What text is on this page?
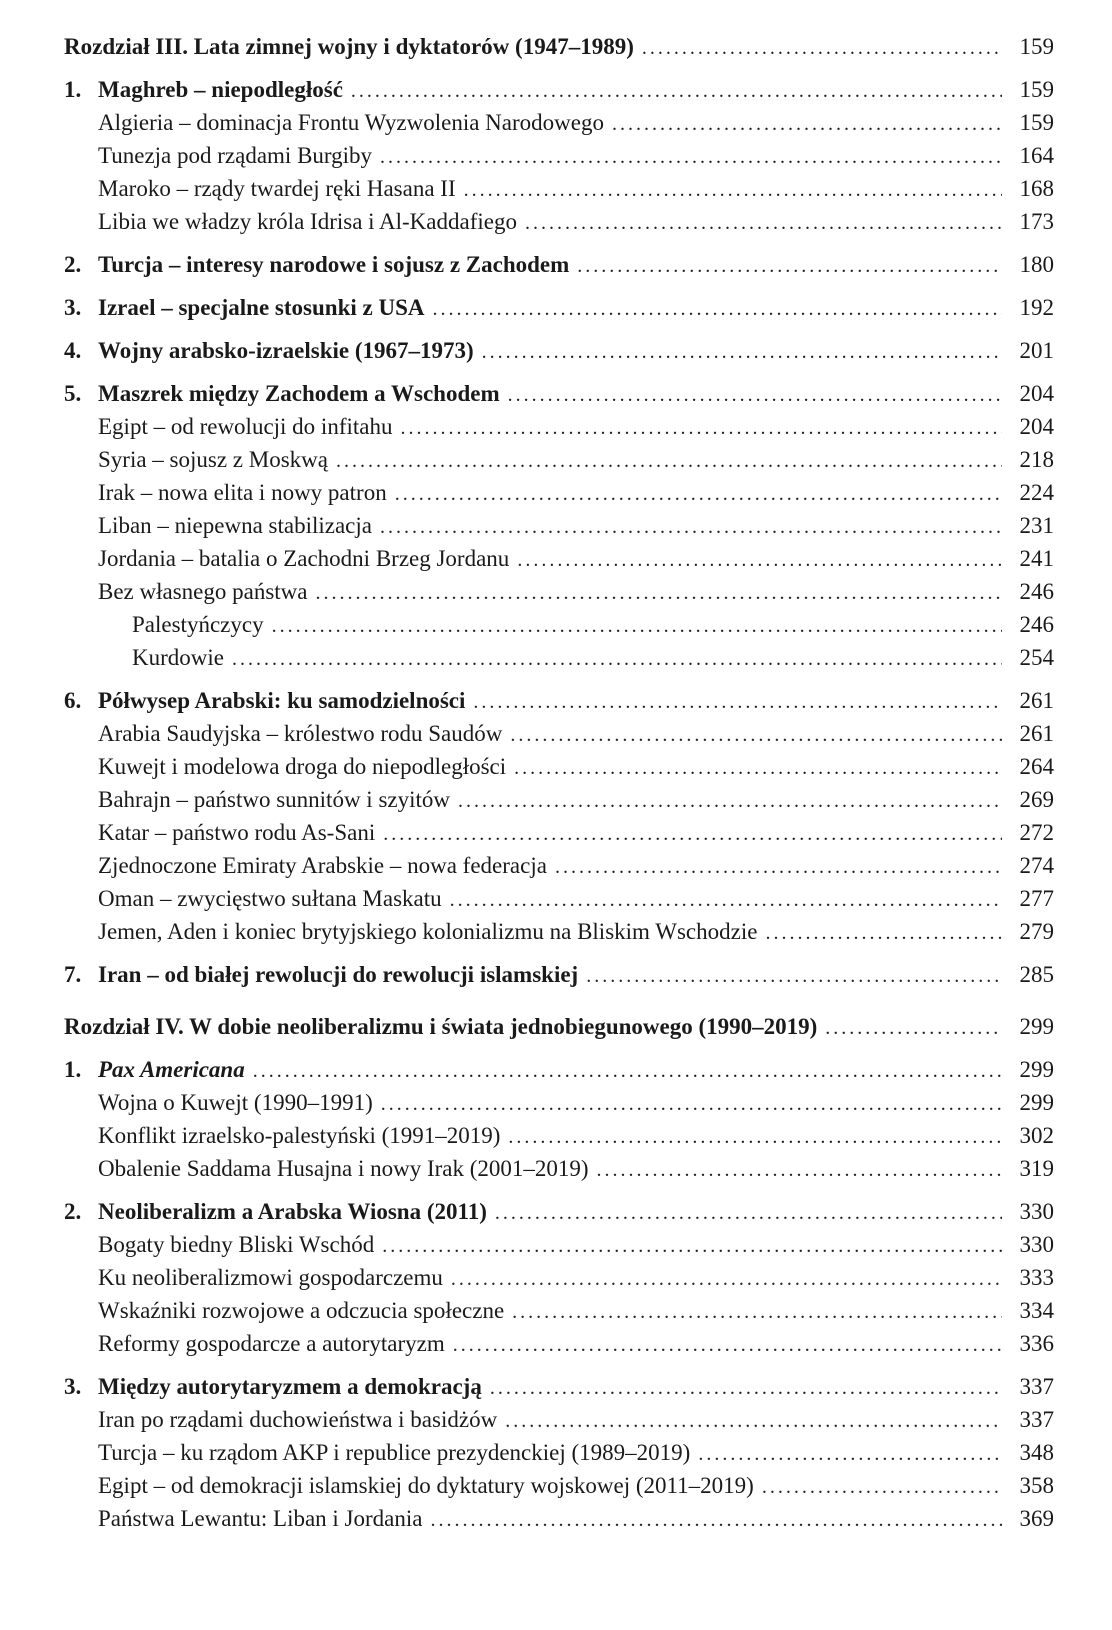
Rozdział III. Lata zimnej wojny i dyktatorów (1947–1989) .....	159
1. Maghreb – niepodległość .....	159
Algieria – dominacja Frontu Wyzwolenia Narodowego .....	159
Tunezja pod rządami Burgiby .....	164
Maroko – rządy twardej ręki Hasana II .....	168
Libia we władzy króla Idrisa i Al-Kaddafiego .....	173
2. Turcja – interesy narodowe i sojusz z Zachodem .....	180
3. Izrael – specjalne stosunki z USA .....	192
4. Wojny arabsko-izraelskie (1967–1973) .....	201
5. Maszrek między Zachodem a Wschodem .....	204
Egipt – od rewolucji do infitahu .....	204
Syria – sojusz z Moskwą .....	218
Irak – nowa elita i nowy patron .....	224
Liban – niepewna stabilizacja .....	231
Jordania – batalia o Zachodni Brzeg Jordanu .....	241
Bez własnego państwa .....	246
Palestyńczycy .....	246
Kurdowie .....	254
6. Półwysep Arabski: ku samodzielności .....	261
Arabia Saudyjska – królestwo rodu Saudów .....	261
Kuwejt i modelowa droga do niepodległości .....	264
Bahrajn – państwo sunnitów i szyitów .....	269
Katar – państwo rodu As-Sani .....	272
Zjednoczone Emiraty Arabskie – nowa federacja .....	274
Oman – zwycięstwo sułtana Maskatu .....	277
Jemen, Aden i koniec brytyjskiego kolonializmu na Bliskim Wschodzie .....	279
7. Iran – od białej rewolucji do rewolucji islamskiej .....	285
Rozdział IV. W dobie neoliberalizmu i świata jednobiegunowego (1990–2019) .....	299
1. Pax Americana .....	299
Wojna o Kuwejt (1990–1991) .....	299
Konflikt izraelsko-palestyński (1991–2019) .....	302
Obalenie Saddama Husajna i nowy Irak (2001–2019) .....	319
2. Neoliberalizm a Arabska Wiosna (2011) .....	330
Bogaty biedny Bliski Wschód .....	330
Ku neoliberalizmowi gospodarczemu .....	333
Wskaźniki rozwojowe a odczucia społeczne .....	334
Reformy gospodarcze a autorytaryzm .....	336
3. Między autorytaryzmem a demokracją .....	337
Iran po rządami duchowieństwa i basidżów .....	337
Turcja – ku rządom AKP i republice prezydenckiej (1989–2019) .....	348
Egipt – od demokracji islamskiej do dyktatury wojskowej (2011–2019) .....	358
Państwa Lewantu: Liban i Jordania .....	369
